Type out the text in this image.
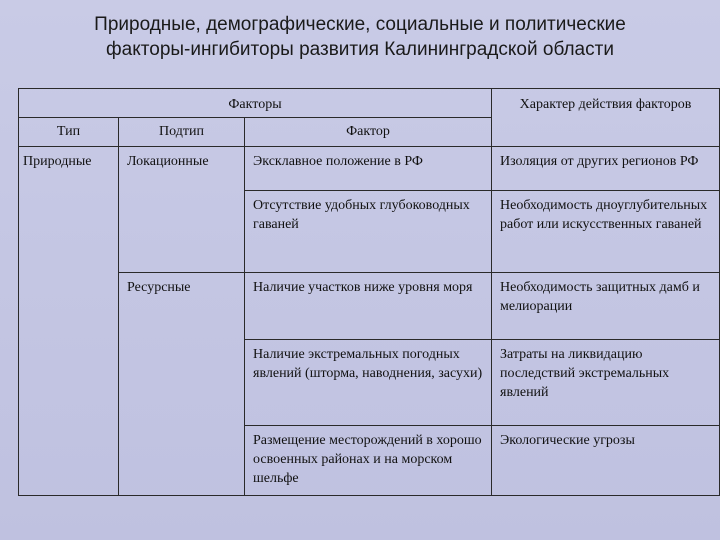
Природные, демографические, социальные и политические
факторы-ингибиторы развития Калининградской области
Факторы			Характер действия факторов
Тип	Подтип	Фактор	
Природные	Локационные	Эксклавное положение в РФ	Изоляция от других регионов РФ
		Отсутствие удобных глубоководных гаваней	Необходимость дноуглубительных работ или искусственных гаваней
	Ресурсные	Наличие участков ниже уровня моря	Необходимость защитных дамб и мелиорации
		Наличие экстремальных погодных явлений (шторма, наводнения, засухи)	Затраты на ликвидацию последствий экстремальных явлений
		Размещение месторождений в хорошо освоенных районах и на морском шельфе	Экологические угрозы
